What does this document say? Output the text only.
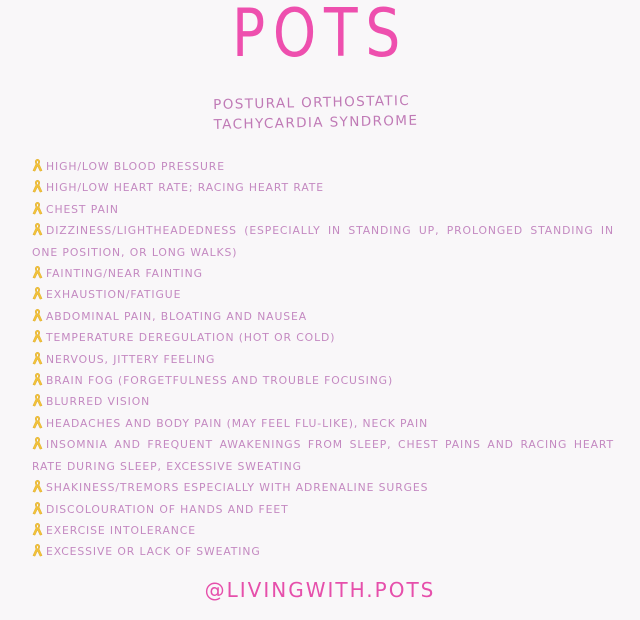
POTS
POSTURAL ORTHOSTATIC
TACHYCARDIA SYNDROME
HIGH/LOW BLOOD PRESSURE
HIGH/LOW HEART RATE; RACING HEART RATE
CHEST PAIN
DIZZINESS/LIGHTHEADEDNESS (ESPECIALLY IN STANDING UP, PROLONGED STANDING IN ONE POSITION, OR LONG WALKS)
FAINTING/NEAR FAINTING
EXHAUSTION/FATIGUE
ABDOMINAL PAIN, BLOATING AND NAUSEA
TEMPERATURE DEREGULATION (HOT OR COLD)
NERVOUS, JITTERY FEELING
BRAIN FOG (FORGETFULNESS AND TROUBLE FOCUSING)
BLURRED VISION
HEADACHES AND BODY PAIN (MAY FEEL FLU-LIKE), NECK PAIN
INSOMNIA AND FREQUENT AWAKENINGS FROM SLEEP, CHEST PAINS AND RACING HEART RATE DURING SLEEP, EXCESSIVE SWEATING
SHAKINESS/TREMORS ESPECIALLY WITH ADRENALINE SURGES
DISCOLOURATION OF HANDS AND FEET
EXERCISE INTOLERANCE
EXCESSIVE OR LACK OF SWEATING
@LIVINGWITH.POTS
